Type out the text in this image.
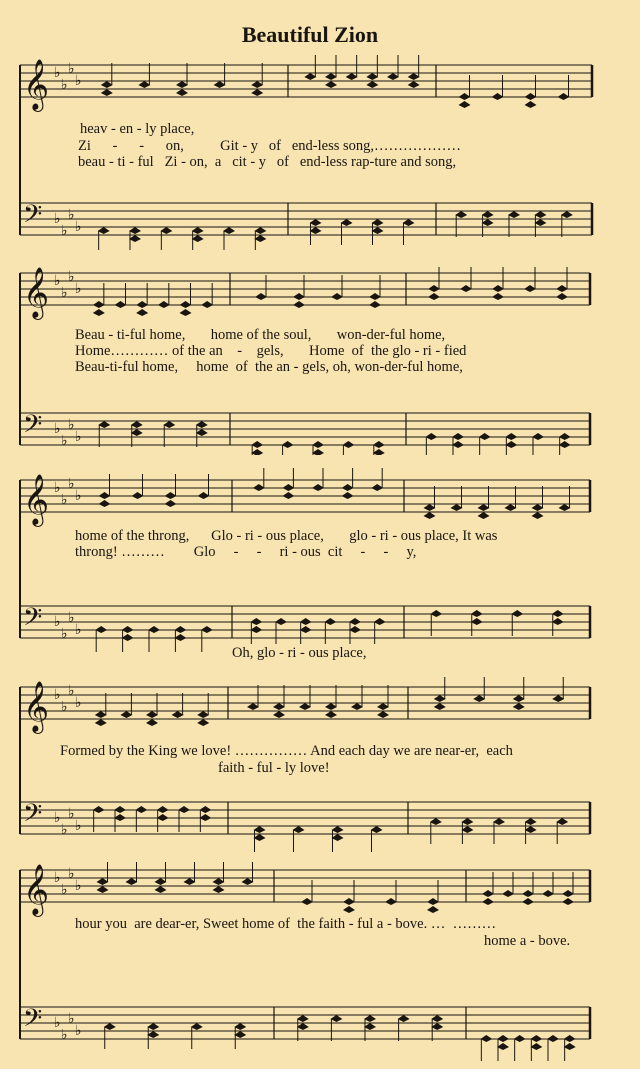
Beautiful Zion
𝄞 ♭
♭
♭
♭
𝄢 ♭
♭
♭
♭
heav - en - ly place,
Zi      -      -      on,          Git - y   of   end-less song,………………
beau - ti - ful   Zi - on,  a   cit - y   of   end-less rap-ture and song,
𝄞 ♭
♭
♭
♭
𝄢 ♭
♭
♭
♭
Beau - ti-ful home,       home of the soul,       won-der-ful home,
Home………… of the an    -    gels,       Home  of  the glo - ri - fied
Beau-ti-ful home,     home  of  the an - gels, oh, won-der-ful home,
𝄞 ♭
♭
♭
♭
𝄢 ♭
♭
♭
♭
home of the throng,      Glo - ri - ous place,       glo - ri - ous place, It was
throng! ………        Glo     -     -     ri - ous  cit     -     -     y,
Oh, glo - ri - ous place,
𝄞 ♭
♭
♭
♭
𝄢 ♭
♭
♭
♭
Formed by the King we love! …………… And each day we are near-er,  each
faith - ful - ly love!
𝄞 ♭
♭
♭
♭
𝄢 ♭
♭
♭
♭
hour you  are dear-er, Sweet home of  the faith - ful a - bove. …  ………
home a - bove.
